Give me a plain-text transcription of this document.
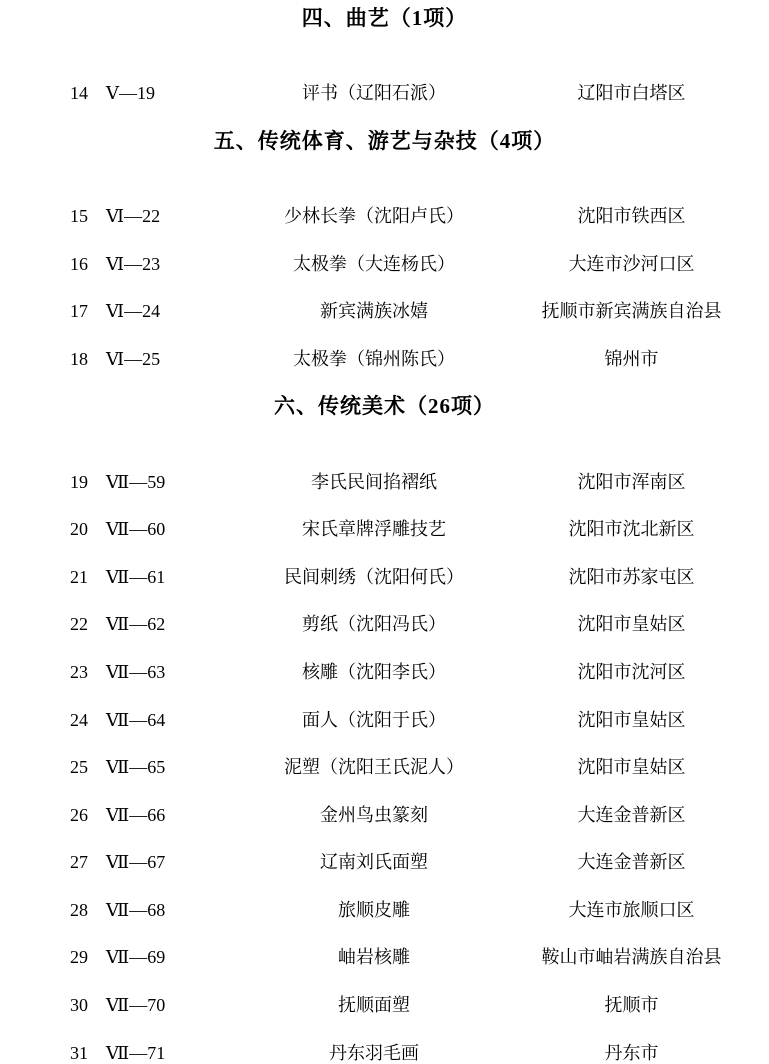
四、曲艺（1项）
14	Ⅴ—19	评书（辽阳石派）	辽阳市白塔区
五、传统体育、游艺与杂技（4项）
15	Ⅵ—22	少林长拳（沈阳卢氏）	沈阳市铁西区
16	Ⅵ—23	太极拳（大连杨氏）	大连市沙河口区
17	Ⅵ—24	新宾满族冰嬉	抚顺市新宾满族自治县
18	Ⅵ—25	太极拳（锦州陈氏）	锦州市
六、传统美术（26项）
19	Ⅶ—59	李氏民间掐褶纸	沈阳市浑南区
20	Ⅶ—60	宋氏章牌浮雕技艺	沈阳市沈北新区
21	Ⅶ—61	民间刺绣（沈阳何氏）	沈阳市苏家屯区
22	Ⅶ—62	剪纸（沈阳冯氏）	沈阳市皇姑区
23	Ⅶ—63	核雕（沈阳李氏）	沈阳市沈河区
24	Ⅶ—64	面人（沈阳于氏）	沈阳市皇姑区
25	Ⅶ—65	泥塑（沈阳王氏泥人）	沈阳市皇姑区
26	Ⅶ—66	金州鸟虫篆刻	大连金普新区
27	Ⅶ—67	辽南刘氏面塑	大连金普新区
28	Ⅶ—68	旅顺皮雕	大连市旅顺口区
29	Ⅶ—69	岫岩核雕	鞍山市岫岩满族自治县
30	Ⅶ—70	抚顺面塑	抚顺市
31	Ⅶ—71	丹东羽毛画	丹东市
